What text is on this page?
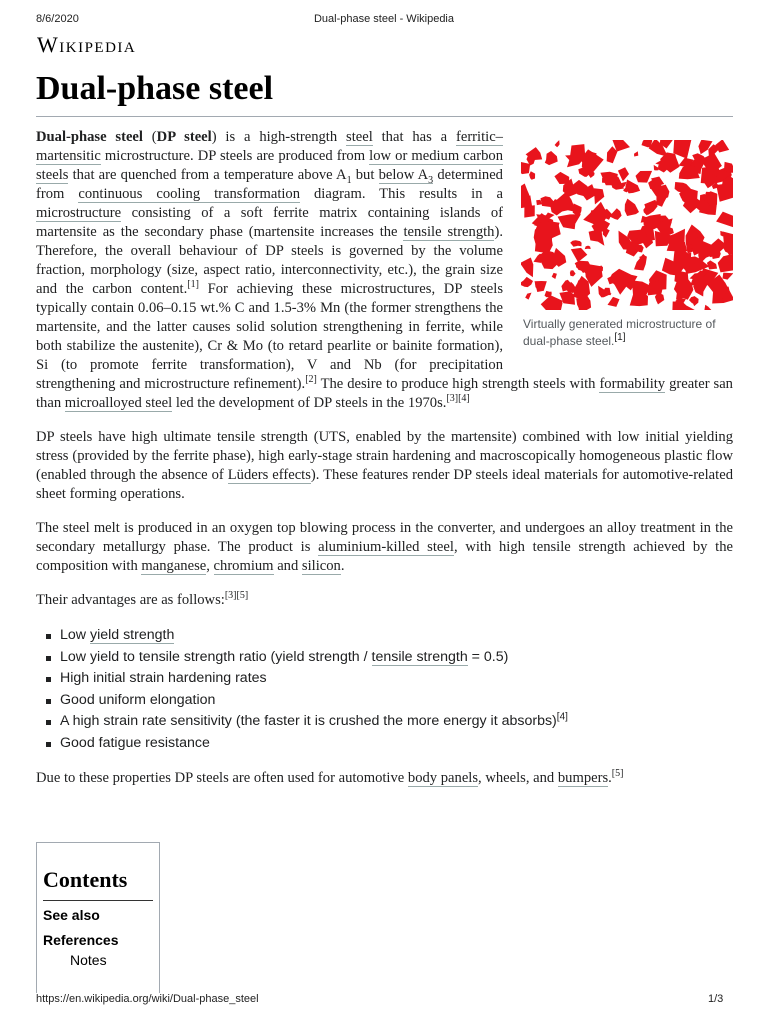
8/6/2020	Dual-phase steel - Wikipedia
Wikipedia
Dual-phase steel
Virtually generated microstructure of dual-phase steel.[1]

Dual-phase steel (DP steel) is a high-strength steel that has a ferritic–martensitic microstructure. DP steels are produced from low or medium carbon steels that are quenched from a temperature above $A_1$ but below $A_3$ determined from continuous cooling transformation diagram. This results in a microstructure consisting of a soft ferrite matrix containing islands of martensite as the secondary phase (martensite increases the tensile strength). Therefore, the overall behaviour of DP steels is governed by the volume fraction, morphology (size, aspect ratio, interconnectivity, etc.), the grain size and the carbon content.[1] For achieving these microstructures, DP steels typically contain 0.06–0.15 wt.% C and 1.5-3% Mn (the former strengthens the martensite, and the latter causes solid solution strengthening in ferrite, while both stabilize the austenite), Cr & Mo (to retard pearlite or bainite formation), Si (to promote ferrite transformation), V and Nb (for precipitation strengthening and microstructure refinement).[2] The desire to produce high strength steels with formability greater san than microalloyed steel led the development of DP steels in the 1970s.[3][4]

DP steels have high ultimate tensile strength (UTS, enabled by the martensite) combined with low initial yielding stress (provided by the ferrite phase), high early-stage strain hardening and macroscopically homogeneous plastic flow (enabled through the absence of Lüders effects). These features render DP steels ideal materials for automotive-related sheet forming operations.

The steel melt is produced in an oxygen top blowing process in the converter, and undergoes an alloy treatment in the secondary metallurgy phase. The product is aluminium-killed steel, with high tensile strength achieved by the composition with manganese, chromium and silicon.

Their advantages are as follows:[3][5]

Low yield strength
Low yield to tensile strength ratio (yield strength / tensile strength = 0.5)
High initial strain hardening rates
Good uniform elongation
A high strain rate sensitivity (the faster it is crushed the more energy it absorbs)[4]
Good fatigue resistance

Due to these properties DP steels are often used for automotive body panels, wheels, and bumpers.[5]

Contents
See also
References
Notes
https://en.wikipedia.org/wiki/Dual-phase_steel	1/3
